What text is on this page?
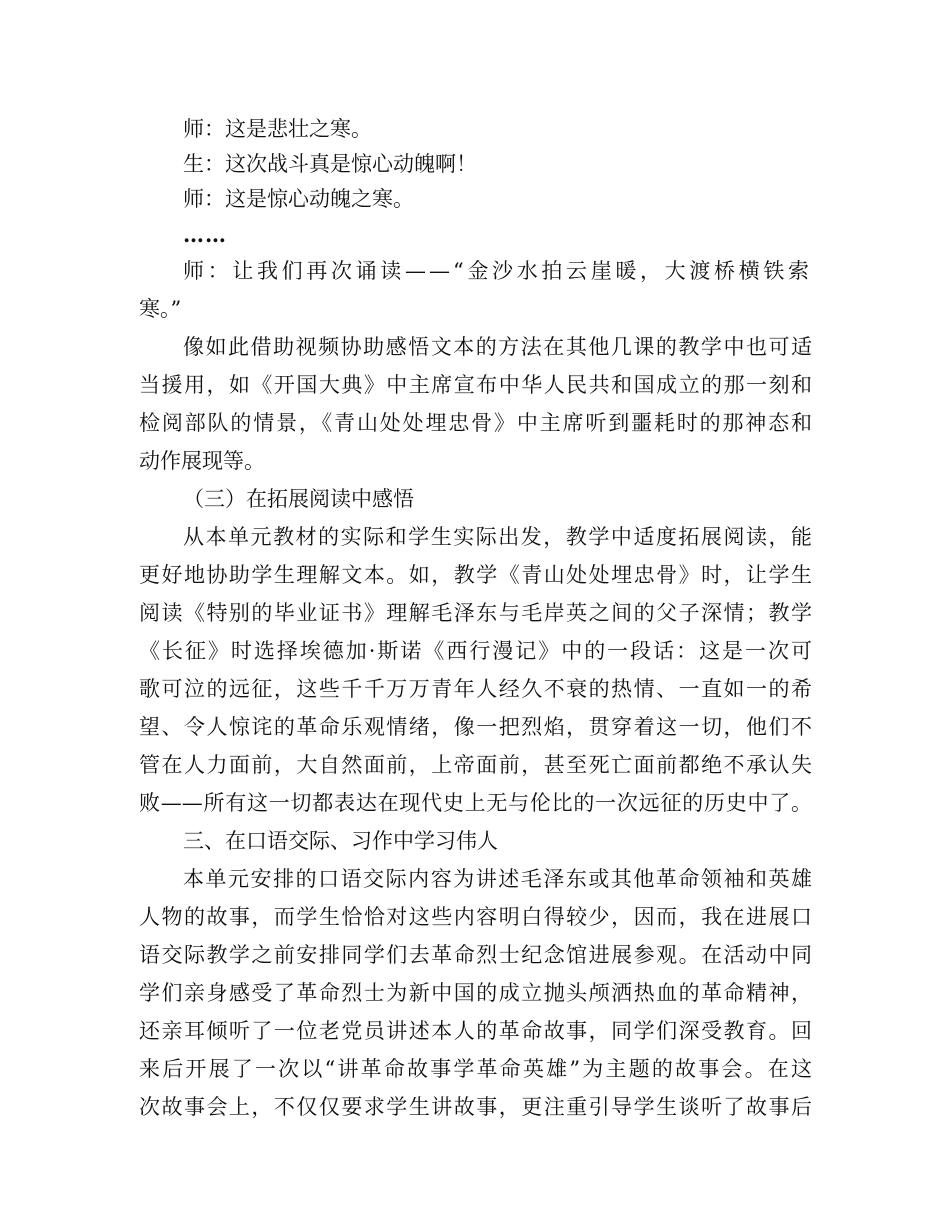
师：这是悲壮之寒。
生：这次战斗真是惊心动魄啊！
师：这是惊心动魄之寒。
……
师：让我们再次诵读——“金沙水拍云崖暖，大渡桥横铁索
寒。”
像如此借助视频协助感悟文本的方法在其他几课的教学中也可适
当援用，如《开国大典》中主席宣布中华人民共和国成立的那一刻和
检阅部队的情景，《青山处处埋忠骨》中主席听到噩耗时的那神态和
动作展现等。
（三）在拓展阅读中感悟
从本单元教材的实际和学生实际出发，教学中适度拓展阅读，能
更好地协助学生理解文本。如，教学《青山处处埋忠骨》时，让学生
阅读《特别的毕业证书》理解毛泽东与毛岸英之间的父子深情；教学
《长征》时选择埃德加·斯诺《西行漫记》中的一段话：这是一次可
歌可泣的远征，这些千千万万青年人经久不衰的热情、一直如一的希
望、令人惊诧的革命乐观情绪，像一把烈焰，贯穿着这一切，他们不
管在人力面前，大自然面前，上帝面前，甚至死亡面前都绝不承认失
败——所有这一切都表达在现代史上无与伦比的一次远征的历史中了。
三、在口语交际、习作中学习伟人
本单元安排的口语交际内容为讲述毛泽东或其他革命领袖和英雄
人物的故事，而学生恰恰对这些内容明白得较少，因而，我在进展口
语交际教学之前安排同学们去革命烈士纪念馆进展参观。在活动中同
学们亲身感受了革命烈士为新中国的成立抛头颅洒热血的革命精神，
还亲耳倾听了一位老党员讲述本人的革命故事，同学们深受教育。回
来后开展了一次以“讲革命故事学革命英雄”为主题的故事会。在这
次故事会上，不仅仅要求学生讲故事，更注重引导学生谈听了故事后
